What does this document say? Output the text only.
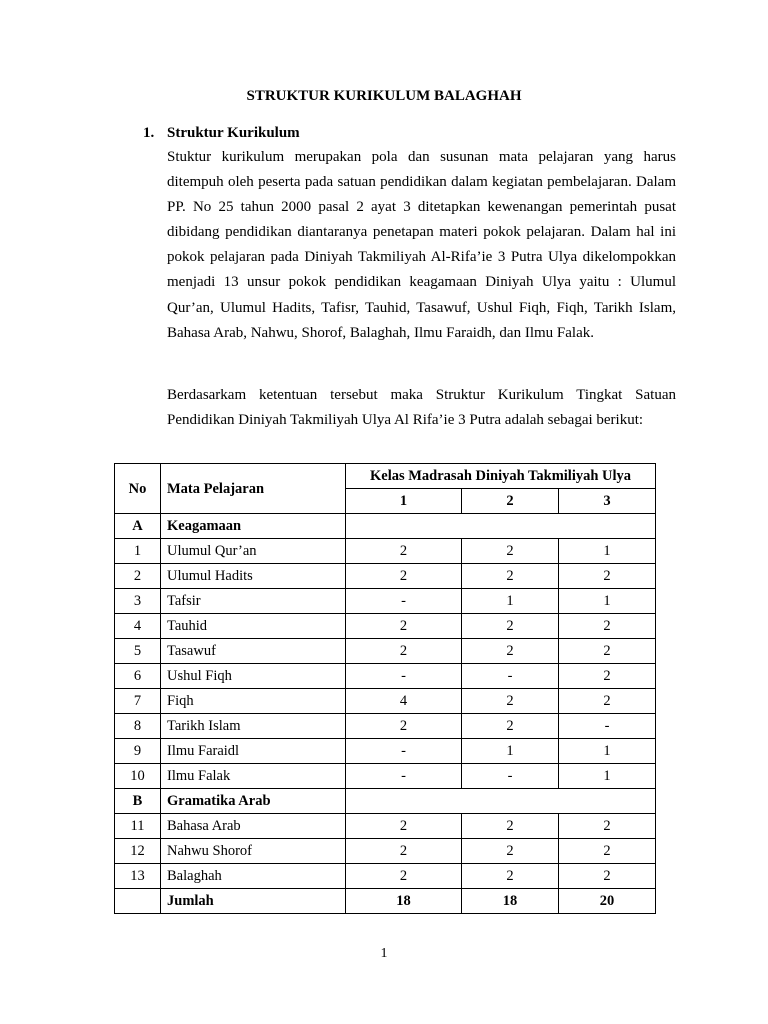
STRUKTUR KURIKULUM BALAGHAH

1. Struktur Kurikulum

Stuktur kurikulum merupakan pola dan susunan mata pelajaran yang harus ditempuh oleh peserta pada satuan pendidikan dalam kegiatan pembelajaran. Dalam PP. No 25 tahun 2000 pasal 2 ayat 3 ditetapkan kewenangan pemerintah pusat dibidang pendidikan diantaranya penetapan materi pokok pelajaran. Dalam hal ini pokok pelajaran pada Diniyah Takmiliyah Al-Rifa’ie 3 Putra Ulya dikelompokkan menjadi 13 unsur pokok pendidikan keagamaan Diniyah Ulya yaitu : Ulumul Qur’an, Ulumul Hadits, Tafisr, Tauhid, Tasawuf, Ushul Fiqh, Fiqh, Tarikh Islam, Bahasa Arab, Nahwu, Shorof, Balaghah, Ilmu Faraidh, dan Ilmu Falak.

Berdasarkam ketentuan tersebut maka Struktur Kurikulum Tingkat Satuan Pendidikan Diniyah Takmiliyah Ulya Al Rifa’ie 3 Putra adalah sebagai berikut:

No	Mata Pelajaran	Kelas Madrasah Diniyah Takmiliyah Ulya		
		1	2	3
A	Keagamaan			
1	Ulumul Qur’an	2	2	1
2	Ulumul Hadits	2	2	2
3	Tafsir	-	1	1
4	Tauhid	2	2	2
5	Tasawuf	2	2	2
6	Ushul Fiqh	-	-	2
7	Fiqh	4	2	2
8	Tarikh Islam	2	2	-
9	Ilmu Faraidl	-	1	1
10	Ilmu Falak	-	-	1
B	Gramatika Arab			
11	Bahasa Arab	2	2	2
12	Nahwu Shorof	2	2	2
13	Balaghah	2	2	2
	Jumlah	18	18	20

1
